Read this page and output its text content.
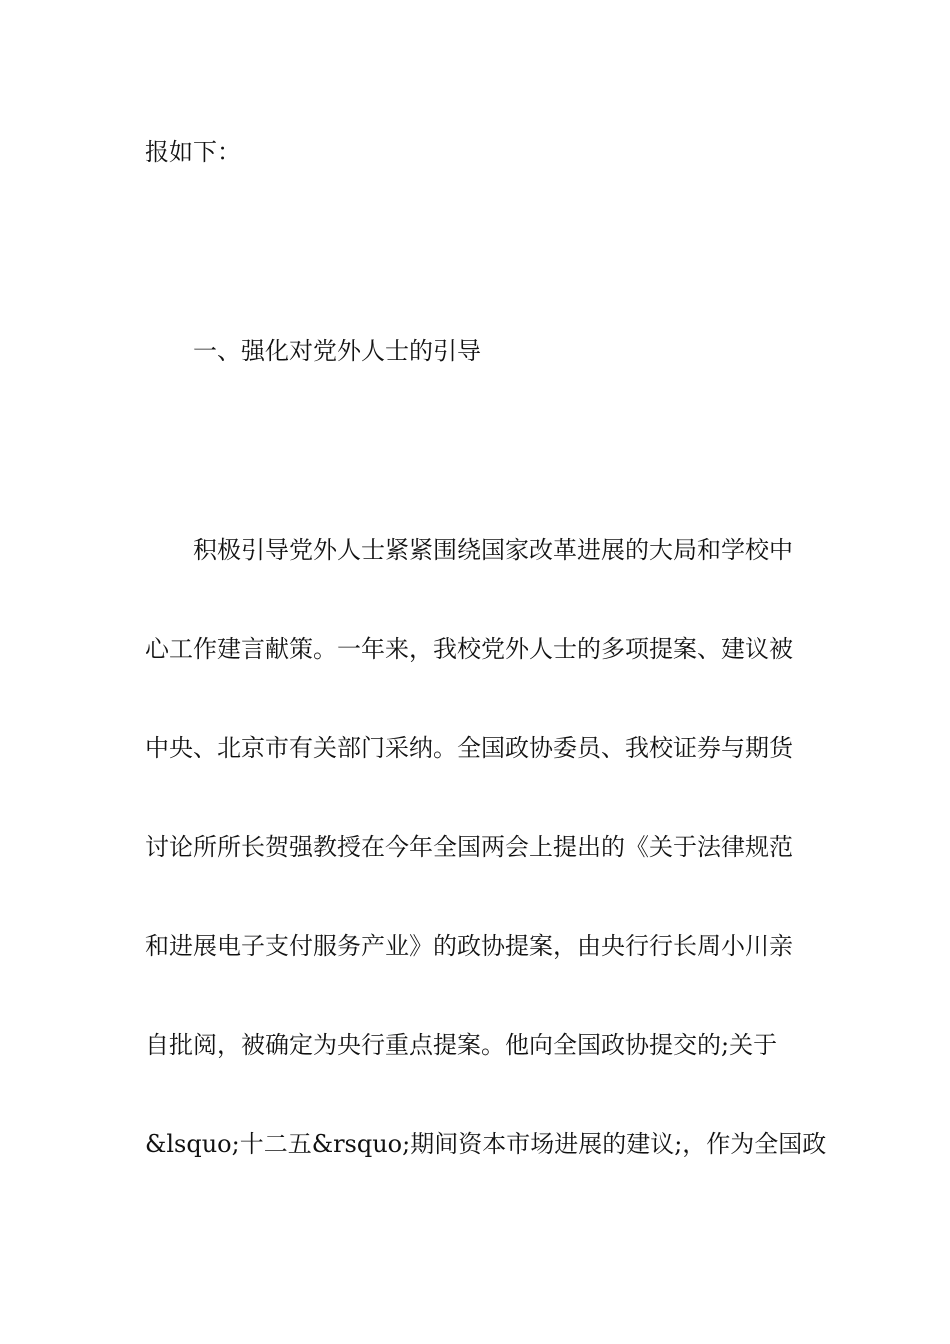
报如下：
一、强化对党外人士的引导
积极引导党外人士紧紧围绕国家改革进展的大局和学校中
心工作建言献策。一年来，我校党外人士的多项提案、建议被
中央、北京市有关部门采纳。全国政协委员、我校证券与期货
讨论所所长贺强教授在今年全国两会上提出的《关于法律规范
和进展电子支付服务产业》的政协提案，由央行行长周小川亲
自批阅，被确定为央行重点提案。他向全国政协提交的;关于
&lsquo;十二五&rsquo;期间资本市场进展的建议;，作为全国政
